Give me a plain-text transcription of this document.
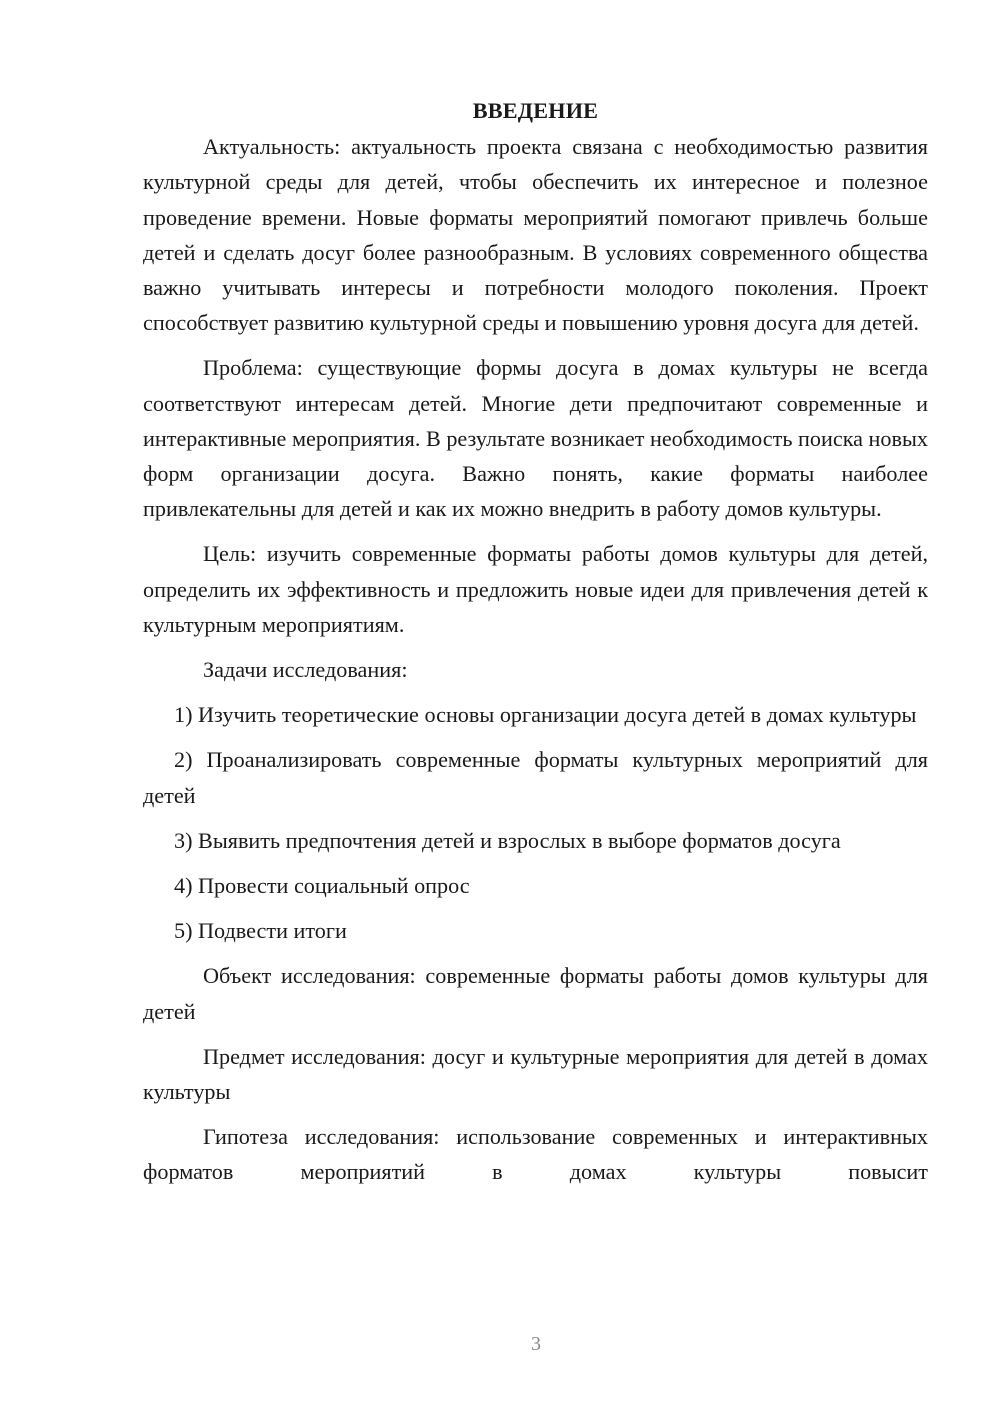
ВВЕДЕНИЕ

Актуальность: актуальность проекта связана с необходимостью развития культурной среды для детей, чтобы обеспечить их интересное и полезное проведение времени. Новые форматы мероприятий помогают привлечь больше детей и сделать досуг более разнообразным. В условиях современного общества важно учитывать интересы и потребности молодого поколения. Проект способствует развитию культурной среды и повышению уровня досуга для детей.

Проблема: существующие формы досуга в домах культуры не всегда соответствуют интересам детей. Многие дети предпочитают современные и интерактивные мероприятия. В результате возникает необходимость поиска новых форм организации досуга. Важно понять, какие форматы наиболее привлекательны для детей и как их можно внедрить в работу домов культуры.

Цель: изучить современные форматы работы домов культуры для детей, определить их эффективность и предложить новые идеи для привлечения детей к культурным мероприятиям.

Задачи исследования:

1) Изучить теоретические основы организации досуга детей в домах культуры

2) Проанализировать современные форматы культурных мероприятий для детей

3) Выявить предпочтения детей и взрослых в выборе форматов досуга

4) Провести социальный опрос

5) Подвести итоги

Объект исследования: современные форматы работы домов культуры для детей

Предмет исследования: досуг и культурные мероприятия для детей в домах культуры

Гипотеза исследования: использование современных и интерактивных форматов мероприятий в домах культуры повысит

3
